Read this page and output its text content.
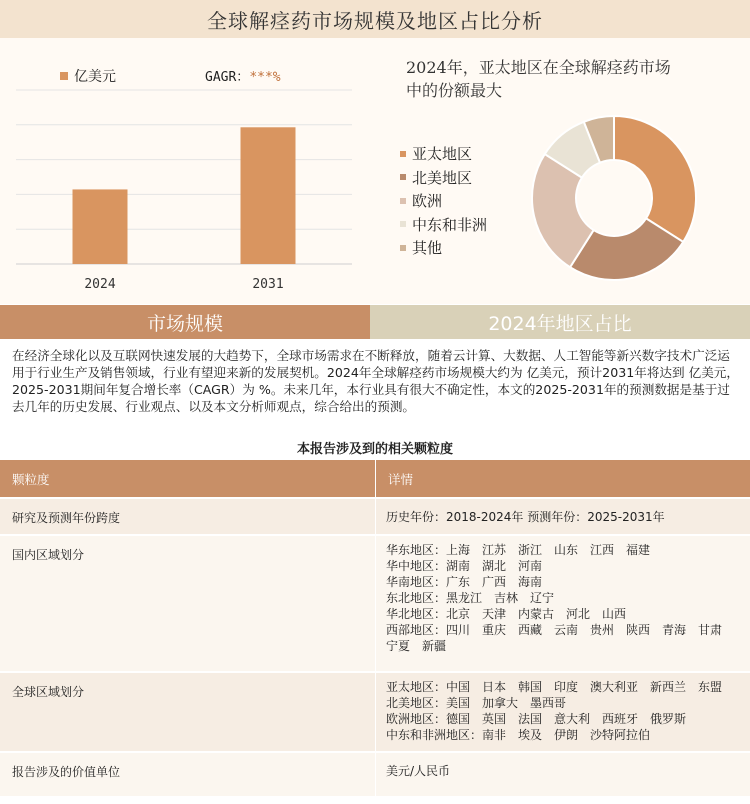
全球解痉药市场规模及地区占比分析
亿美元	GAGR：***%
2024	2031
2024年，亚太地区在全球解痉药市场
中的份额最大
亚太地区
北美地区
欧洲
中东和非洲
其他
市场规模	2024年地区占比
在经济全球化以及互联网快速发展的大趋势下，全球市场需求在不断释放，随着云计算、大数据、人工智能等新兴数字技术广泛运用于行业生产及销售领域，行业有望迎来新的发展契机。2024年全球解痉药市场规模大约为 亿美元，预计2031年将达到 亿美元，2025-2031期间年复合增长率（CAGR）为 %。未来几年，本行业具有很大不确定性，本文的2025-2031年的预测数据是基于过去几年的历史发展、行业观点、以及本文分析师观点，综合给出的预测。
本报告涉及到的相关颗粒度
颗粒度	详情
研究及预测年份跨度	历史年份：2018-2024年 预测年份：2025-2031年
国内区域划分	华东地区：上海　江苏　浙江　山东　江西　福建
华中地区：湖南　湖北　河南
华南地区：广东　广西　海南
东北地区：黑龙江　吉林　辽宁
华北地区：北京　天津　内蒙古　河北　山西
西部地区：四川　重庆　西藏　云南　贵州　陕西　青海　甘肃
宁夏　新疆
全球区域划分	亚太地区：中国　日本　韩国　印度　澳大利亚　新西兰　东盟
北美地区：美国　加拿大　墨西哥
欧洲地区：德国　英国　法国　意大利　西班牙　俄罗斯
中东和非洲地区：南非　埃及　伊朗　沙特阿拉伯
报告涉及的价值单位	美元/人民币
